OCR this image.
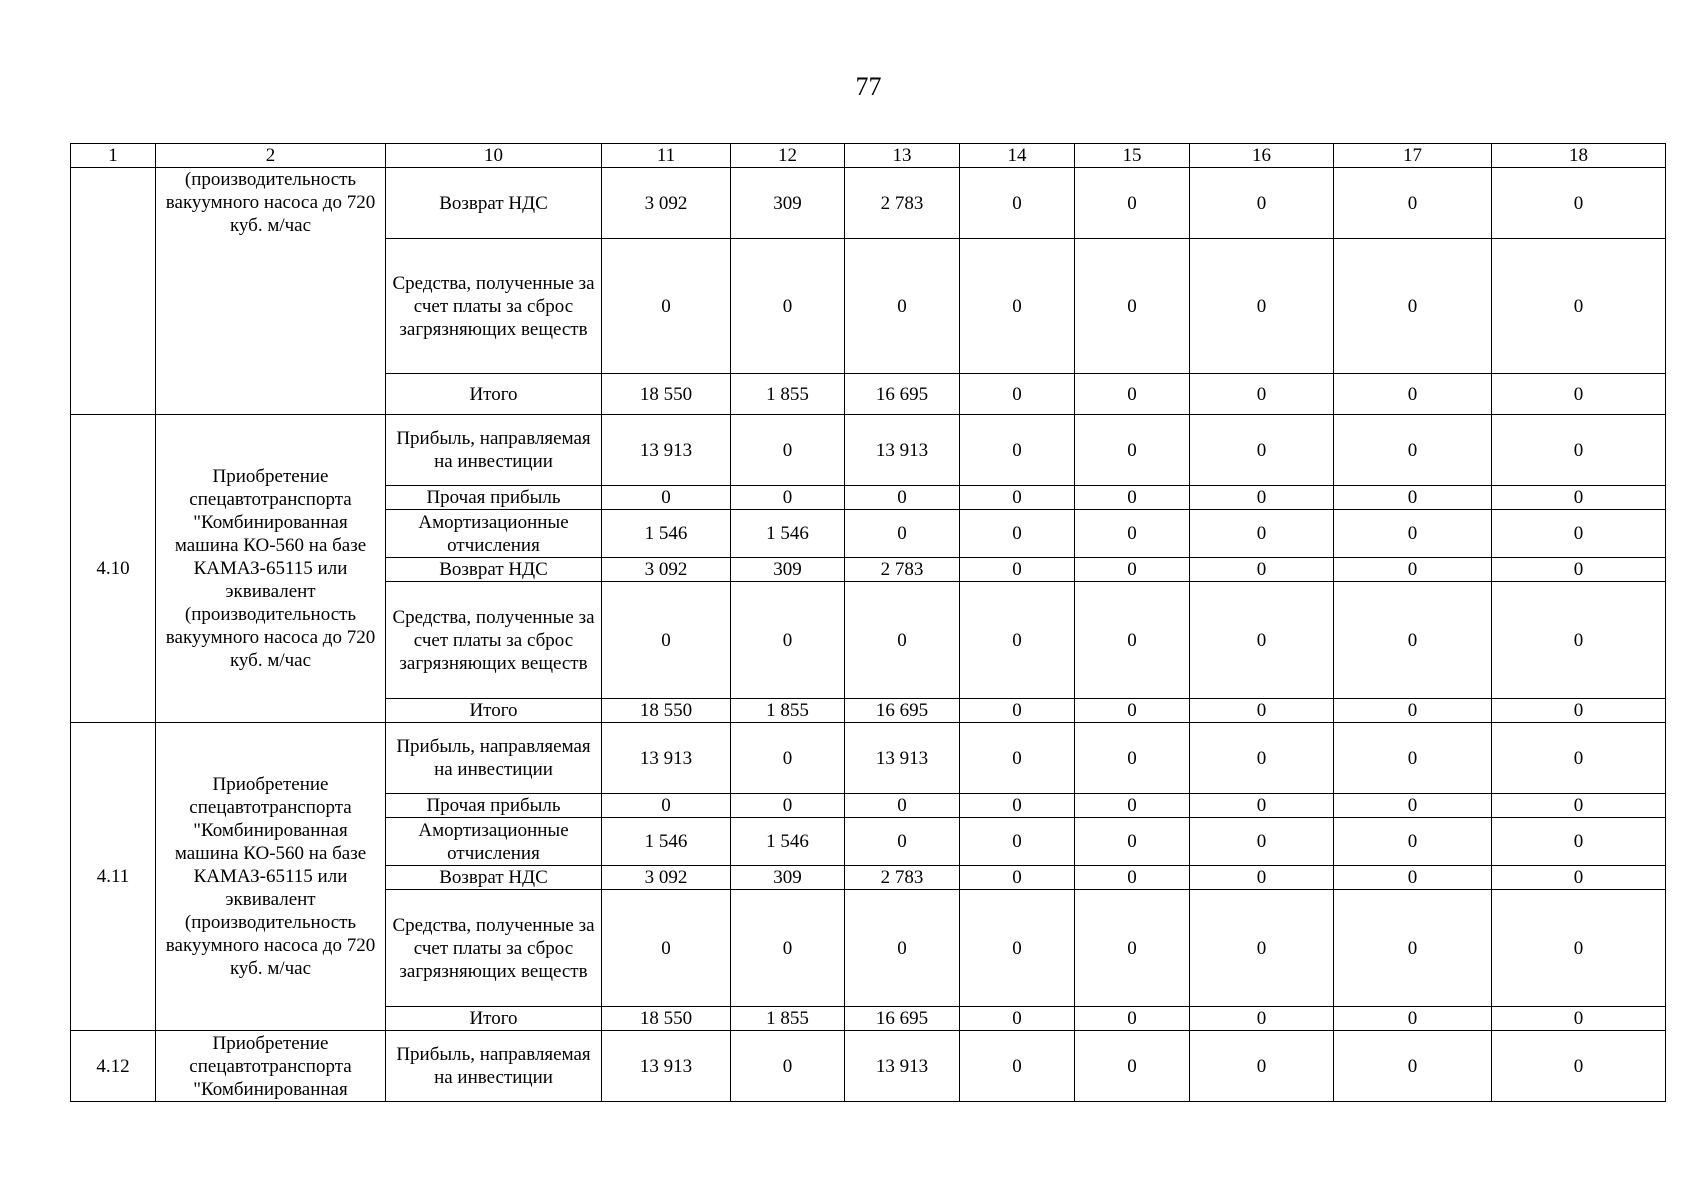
77
1	2	10	11	12	13	14	15	16	17	18
	(производительность вакуумного насоса до 720 куб. м/час	Возврат НДС	3 092	309	2 783	0	0	0	0	0
		Средства, полученные за счет платы за сброс загрязняющих веществ	0	0	0	0	0	0	0	0
		Итого	18 550	1 855	16 695	0	0	0	0	0
4.10	Приобретение спецавтотранспорта "Комбинированная машина КО-560 на базе КАМАЗ-65115 или эквивалент (производительность вакуумного насоса до 720 куб. м/час	Прибыль, направляемая на инвестиции	13 913	0	13 913	0	0	0	0	0
		Прочая прибыль	0	0	0	0	0	0	0	0
		Амортизационные отчисления	1 546	1 546	0	0	0	0	0	0
		Возврат НДС	3 092	309	2 783	0	0	0	0	0
		Средства, полученные за счет платы за сброс загрязняющих веществ	0	0	0	0	0	0	0	0
		Итого	18 550	1 855	16 695	0	0	0	0	0
4.11	Приобретение спецавтотранспорта "Комбинированная машина КО-560 на базе КАМАЗ-65115 или эквивалент (производительность вакуумного насоса до 720 куб. м/час	Прибыль, направляемая на инвестиции	13 913	0	13 913	0	0	0	0	0
		Прочая прибыль	0	0	0	0	0	0	0	0
		Амортизационные отчисления	1 546	1 546	0	0	0	0	0	0
		Возврат НДС	3 092	309	2 783	0	0	0	0	0
		Средства, полученные за счет платы за сброс загрязняющих веществ	0	0	0	0	0	0	0	0
		Итого	18 550	1 855	16 695	0	0	0	0	0
4.12	Приобретение спецавтотранспорта "Комбинированная	Прибыль, направляемая на инвестиции	13 913	0	13 913	0	0	0	0	0
